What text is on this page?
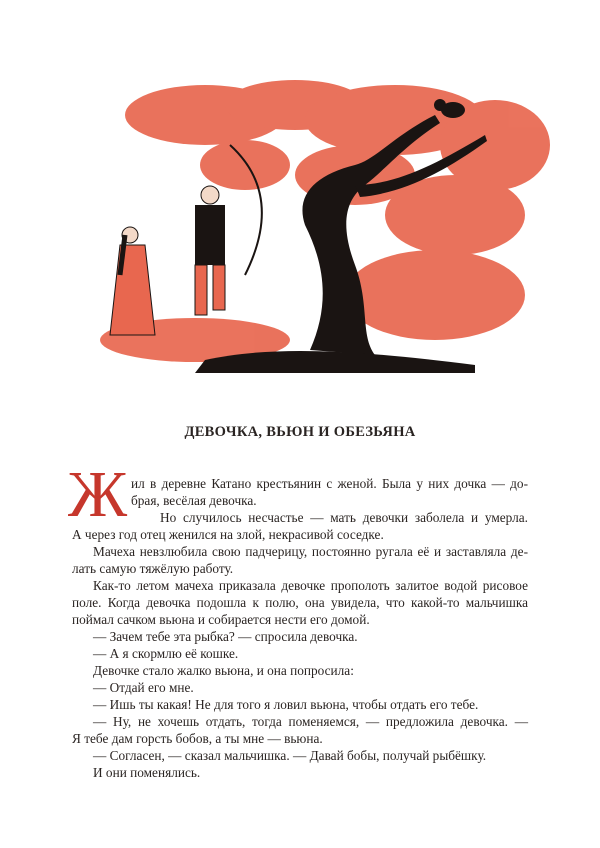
ДЕВОЧКА, ВЬЮН И ОБЕЗЬЯНА
Ж ил в деревне Катано крестьянин с женой. Была у них дочка — до-
брая, весёлая девочка.
Но случилось несчастье — мать девочки заболела и умерла.
А через год отец женился на злой, некрасивой соседке.
Мачеха невзлюбила свою падчерицу, постоянно ругала её и заставляла де-
лать самую тяжёлую работу.
Как-то летом мачеха приказала девочке прополоть залитое водой рисовое
поле. Когда девочка подошла к полю, она увидела, что какой-то мальчишка
поймал сачком вьюна и собирается нести его домой.
— Зачем тебе эта рыбка? — спросила девочка.
— А я скормлю её кошке.
Девочке стало жалко вьюна, и она попросила:
— Отдай его мне.
— Ишь ты какая! Не для того я ловил вьюна, чтобы отдать его тебе.
— Ну, не хочешь отдать, тогда поменяемся, — предложила девочка. —
Я тебе дам горсть бобов, а ты мне — вьюна.
— Согласен, — сказал мальчишка. — Давай бобы, получай рыбёшку.
И они поменялись.
